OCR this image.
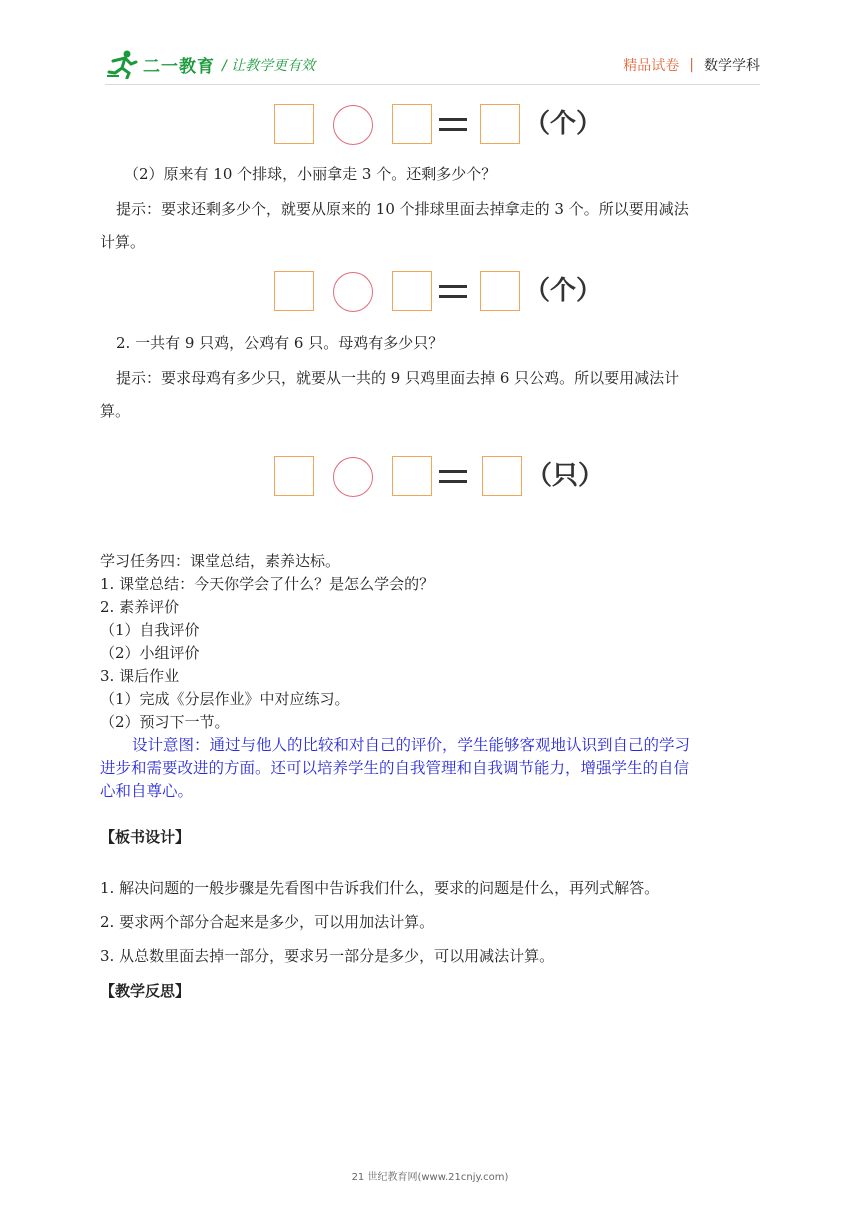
二一教育 / 让教学更有效	精品试卷 | 数学学科
（个）
（2）原来有 10 个排球，小丽拿走 3 个。还剩多少个？
提示：要求还剩多少个，就要从原来的 10 个排球里面去掉拿走的 3 个。所以要用减法
计算。
（个）
2. 一共有 9 只鸡，公鸡有 6 只。母鸡有多少只？
提示：要求母鸡有多少只，就要从一共的 9 只鸡里面去掉 6 只公鸡。所以要用减法计
算。
（只）
学习任务四：课堂总结，素养达标。
1. 课堂总结：今天你学会了什么？是怎么学会的？
2. 素养评价
（1）自我评价
（2）小组评价
3. 课后作业
（1）完成《分层作业》中对应练习。
（2）预习下一节。
设计意图：通过与他人的比较和对自己的评价，学生能够客观地认识到自己的学习
进步和需要改进的方面。还可以培养学生的自我管理和自我调节能力，增强学生的自信
心和自尊心。
【板书设计】
1. 解决问题的一般步骤是先看图中告诉我们什么，要求的问题是什么，再列式解答。
2. 要求两个部分合起来是多少，可以用加法计算。
3. 从总数里面去掉一部分，要求另一部分是多少，可以用减法计算。
【教学反思】
21 世纪教育网(www.21cnjy.com)
